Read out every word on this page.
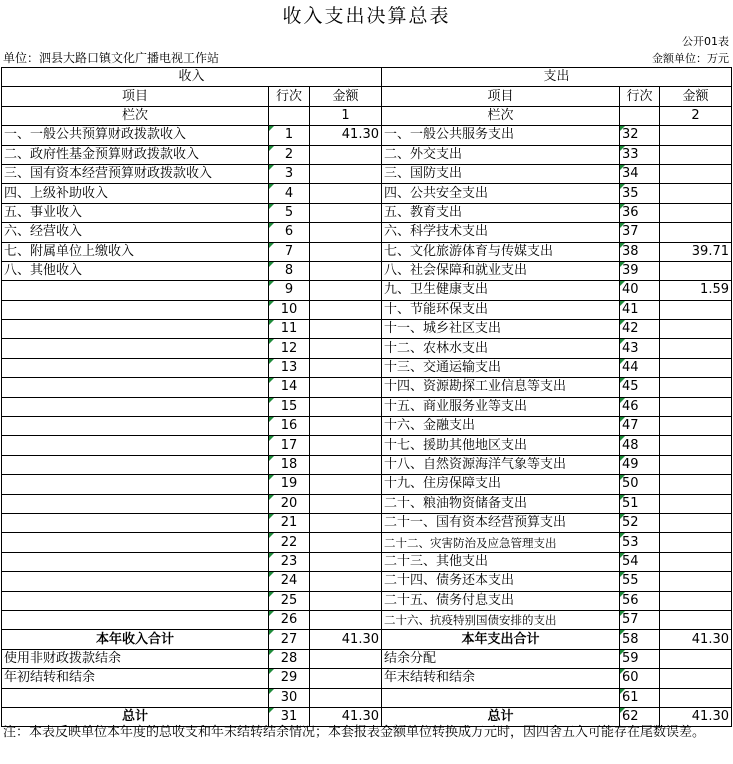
收入支出决算总表
公开01表
单位：泗县大路口镇文化广播电视工作站	金额单位：万元
收入			支出		
项目	行次	金额	项目	行次	金额
栏次		1	栏次		2
一、一般公共预算财政拨款收入	1	41.30	一、一般公共服务支出	32	
二、政府性基金预算财政拨款收入	2		二、外交支出	33	
三、国有资本经营预算财政拨款收入	3		三、国防支出	34	
四、上级补助收入	4		四、公共安全支出	35	
五、事业收入	5		五、教育支出	36	
六、经营收入	6		六、科学技术支出	37	
七、附属单位上缴收入	7		七、文化旅游体育与传媒支出	38	39.71
八、其他收入	8		八、社会保障和就业支出	39	
	9		九、卫生健康支出	40	1.59
	10		十、节能环保支出	41	
	11		十一、城乡社区支出	42	
	12		十二、农林水支出	43	
	13		十三、交通运输支出	44	
	14		十四、资源勘探工业信息等支出	45	
	15		十五、商业服务业等支出	46	
	16		十六、金融支出	47	
	17		十七、援助其他地区支出	48	
	18		十八、自然资源海洋气象等支出	49	
	19		十九、住房保障支出	50	
	20		二十、粮油物资储备支出	51	
	21		二十一、国有资本经营预算支出	52	
	22		二十二、灾害防治及应急管理支出	53	
	23		二十三、其他支出	54	
	24		二十四、债务还本支出	55	
	25		二十五、债务付息支出	56	
	26		二十六、抗疫特别国债安排的支出	57	
本年收入合计	27	41.30	本年支出合计	58	41.30
使用非财政拨款结余	28		结余分配	59	
年初结转和结余	29		年末结转和结余	60	
	30			61	
总计	31	41.30	总计	62	41.30
注：本表反映单位本年度的总收支和年末结转结余情况；本套报表金额单位转换成万元时，因四舍五入可能存在尾数误差。
